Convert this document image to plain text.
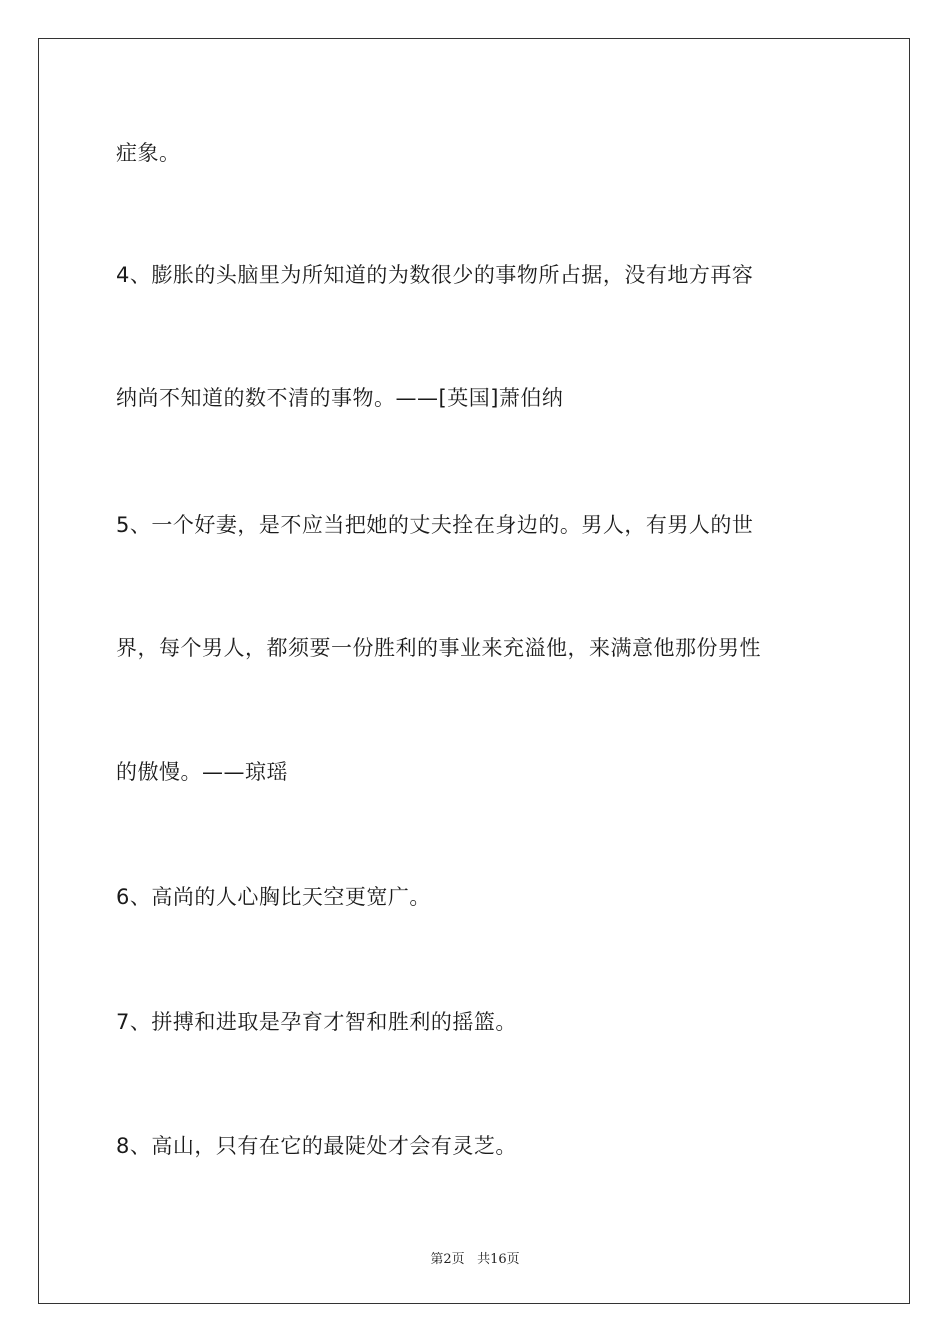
症象。
4、膨胀的头脑里为所知道的为数很少的事物所占据，没有地方再容
纳尚不知道的数不清的事物。——[英国]萧伯纳
5、一个好妻，是不应当把她的丈夫拴在身边的。男人，有男人的世
界，每个男人，都须要一份胜利的事业来充溢他，来满意他那份男性
的傲慢。——琼瑶
6、高尚的人心胸比天空更宽广。
7、拼搏和进取是孕育才智和胜利的摇篮。
8、高山，只有在它的最陡处才会有灵芝。
第2页 共16页
